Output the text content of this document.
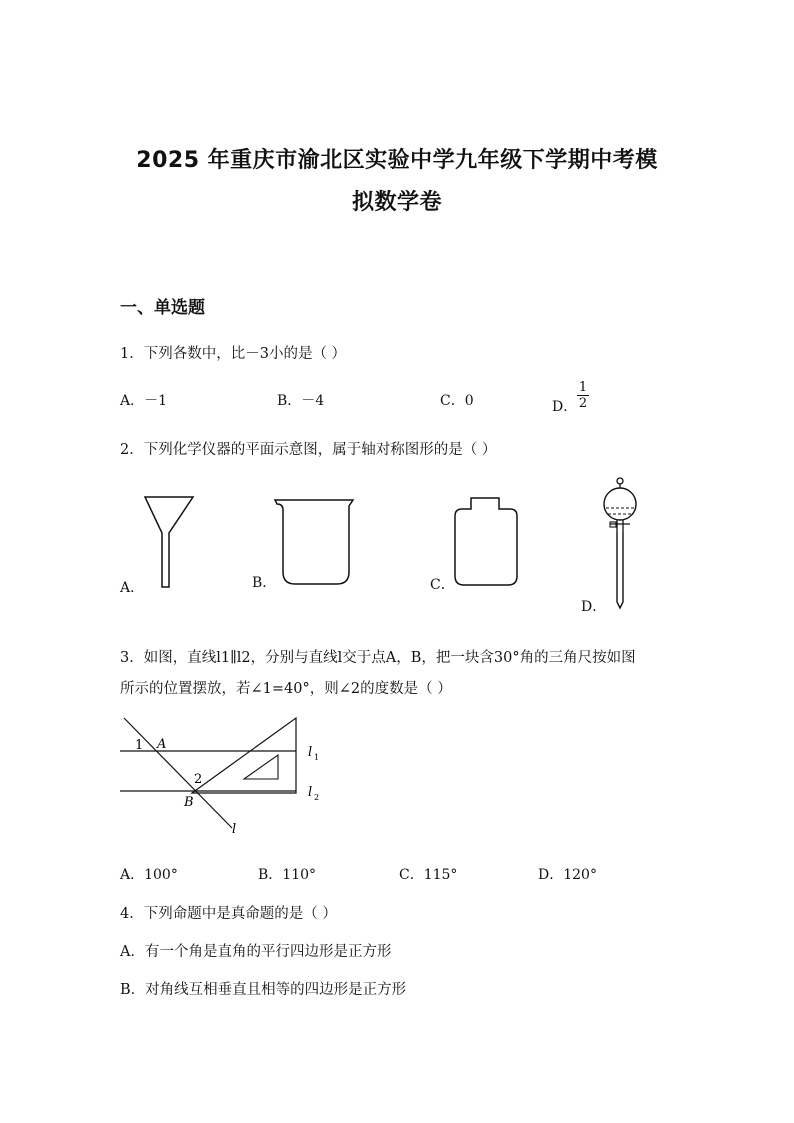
2025 年重庆市渝北区实验中学九年级下学期中考模
拟数学卷
一、单选题
1．下列各数中，比－3小的是（ ）
A．－1	B．－4	C．0	D．
1
2
2．下列化学仪器的平面示意图，属于轴对称图形的是（ ）
A．	B．	C．
D．
3．如图，直线l1∥l2，分别与直线l交于点A，B，把一块含30°角的三角尺按如图
所示的位置摆放，若∠1=40°，则∠2的度数是（ ）
1 A
2
B
l 1
l 2
l
A．100°	B．110°	C．115°	D．120°
4．下列命题中是真命题的是（ ）
A．有一个角是直角的平行四边形是正方形
B．对角线互相垂直且相等的四边形是正方形
